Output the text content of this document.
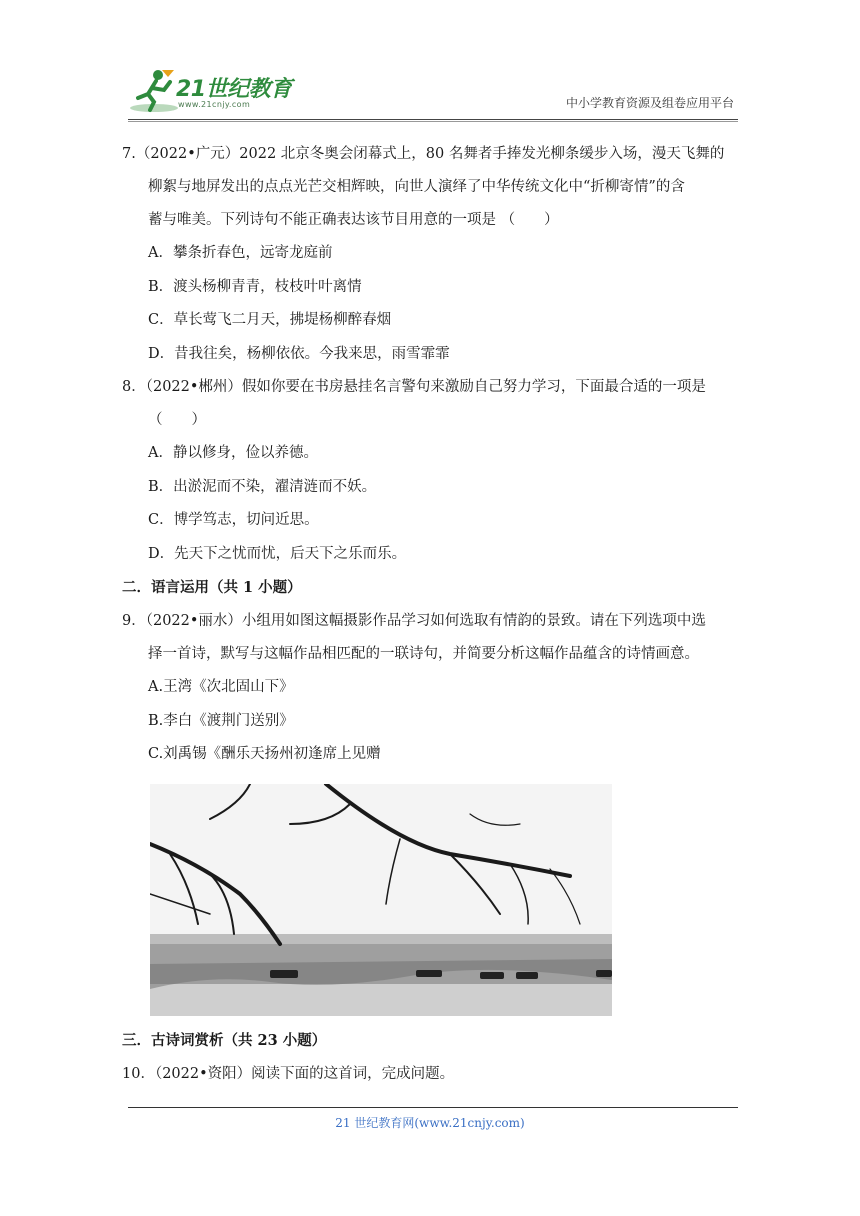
21世纪教育
www.21cnjy.com	中小学教育资源及组卷应用平台

7.（2022•广元）2022 北京冬奥会闭幕式上，80 名舞者手捧发光柳条缓步入场，漫天飞舞的

柳絮与地屏发出的点点光芒交相辉映，向世人演绎了中华传统文化中“折柳寄情”的含

蓄与唯美。下列诗句不能正确表达该节目用意的一项是 （　　）

A．攀条折春色，远寄龙庭前

B．渡头杨柳青青，枝枝叶叶离情

C．草长莺飞二月天，拂堤杨柳醉春烟

D．昔我往矣，杨柳依依。今我来思，雨雪霏霏

8．（2022•郴州）假如你要在书房悬挂名言警句来激励自己努力学习，下面最合适的一项是

（　　）

A．静以修身，俭以养德。

B．出淤泥而不染，濯清涟而不妖。

C．博学笃志，切问近思。

D．先天下之忧而忧，后天下之乐而乐。

二．语言运用（共 1 小题）

9．（2022•丽水）小组用如图这幅摄影作品学习如何选取有情韵的景致。请在下列选项中选

择一首诗，默写与这幅作品相匹配的一联诗句，并简要分析这幅作品蕴含的诗情画意。

A.王湾《次北固山下》

B.李白《渡荆门送别》

C.刘禹锡《酬乐天扬州初逢席上见赠

三．古诗词赏析（共 23 小题）

10．（2022•资阳）阅读下面的这首词，完成问题。

21 世纪教育网(www.21cnjy.com)
